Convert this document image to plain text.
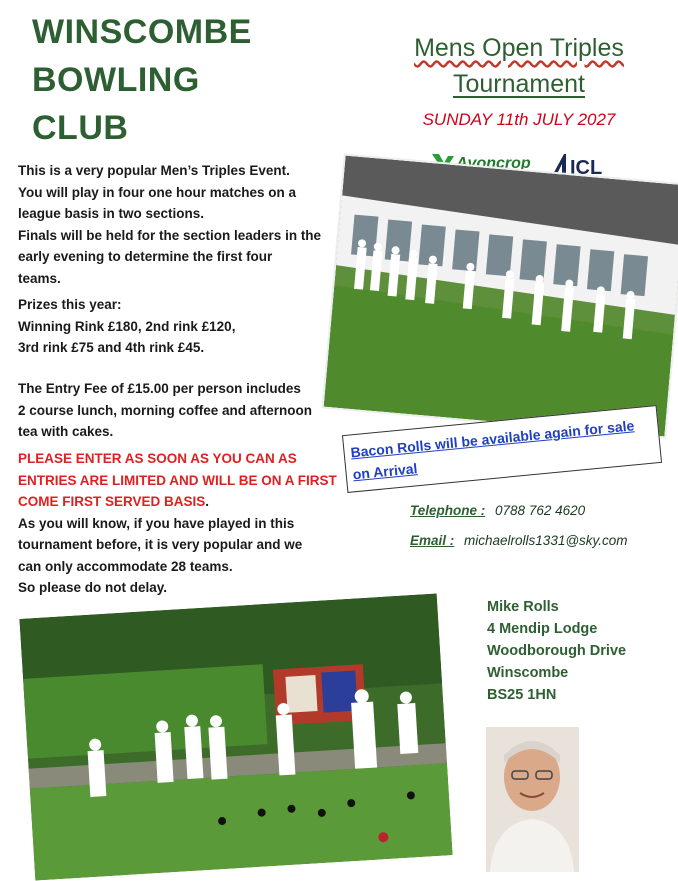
WINSCOMBE
BOWLING
CLUB
Mens Open Triples
Tournament
SUNDAY 11th JULY 2027
Avoncrop ICL
This is a very popular Men’s Triples Event.
You will play in four one hour matches on a
league basis in two sections.
Finals will be held for the section leaders in the
early evening to determine the first four
teams.
Prizes this year:
Winning Rink £180, 2nd rink £120,
3rd rink £75 and 4th rink £45.
The Entry Fee of £15.00 per person includes
2 course lunch, morning coffee and afternoon
tea with cakes.
PLEASE ENTER AS SOON AS YOU CAN AS
ENTRIES ARE LIMITED AND WILL BE ON A FIRST
COME FIRST SERVED BASIS.
As you will know, if you have played in this
tournament before, it is very popular and we
can only accommodate 28 teams.
So please do not delay.
Bacon Rolls will be available again for sale on Arrival
Telephone : 0788 762 4620
Email : michaelrolls1331@sky.com
Mike Rolls
4 Mendip Lodge
Woodborough Drive
Winscombe
BS25 1HN
